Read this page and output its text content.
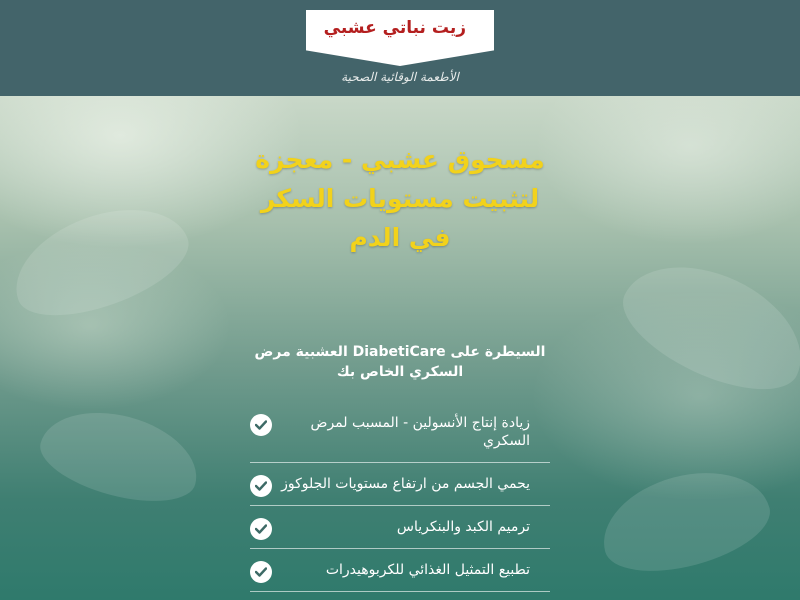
زيت نباتي عشبي
الأطعمة الوقائية الصحية
مسحوق عشبي - معجزة لتثبيت مستويات السكر في الدم
السيطرة على DiabetiCare العشبية مرض السكري الخاص بك
زيادة إنتاج الأنسولين - المسبب لمرض السكري
يحمي الجسم من ارتفاع مستويات الجلوكوز
ترميم الكبد والبنكرياس
تطبيع التمثيل الغذائي للكربوهيدرات
